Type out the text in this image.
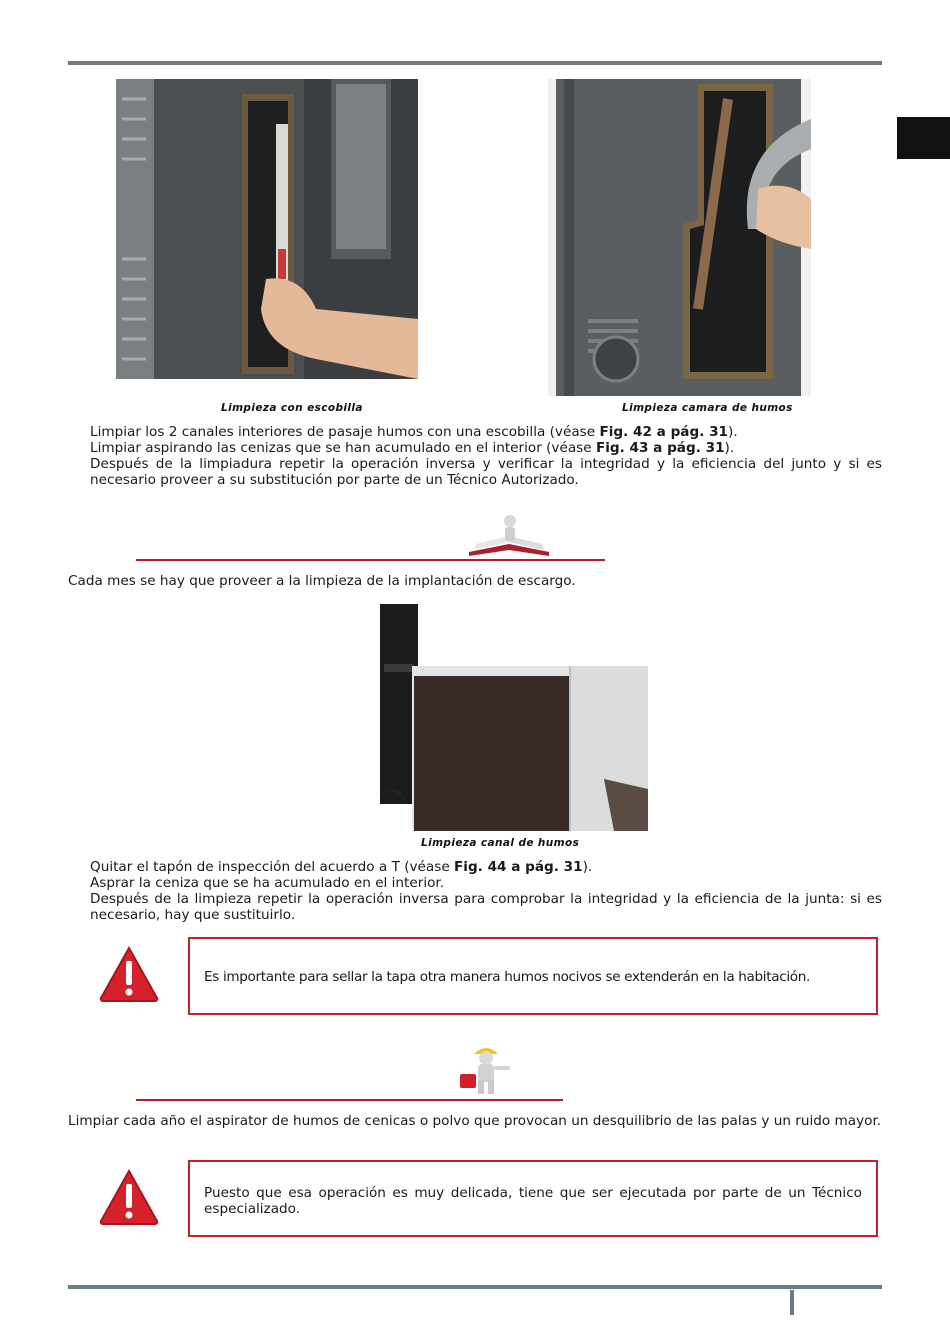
Limpieza con escobilla	Limpieza camara de humos
Limpiar los 2 canales interiores de pasaje humos con una escobilla (véase Fig. 42 a pág. 31).
Limpiar aspirando las cenizas que se han acumulado en el interior (véase Fig. 43 a pág. 31).
Después de la limpiadura repetir la operación inversa y verificar la integridad y la eficiencia del junto y si es necesario proveer a su substitución por parte de un Técnico Autorizado.
Cada mes se hay que proveer a la limpieza de la implantación de escargo.
Limpieza canal de humos
Quitar el tapón de inspección del acuerdo a T (véase Fig. 44 a pág. 31).
Asprar la ceniza que se ha acumulado en el interior.
Después de la limpieza repetir la operación inversa para comprobar la integridad y la eficiencia de la junta: si es necesario, hay que sustituirlo.
Es importante para sellar la tapa otra manera humos nocivos se extenderán en la habitación.
Limpiar cada año el aspirator de humos de cenicas o polvo que provocan un desquilibrio de las palas y un ruido mayor.
Puesto que esa operación es muy delicada, tiene que ser ejecutada por parte de un Técnico especializado.
